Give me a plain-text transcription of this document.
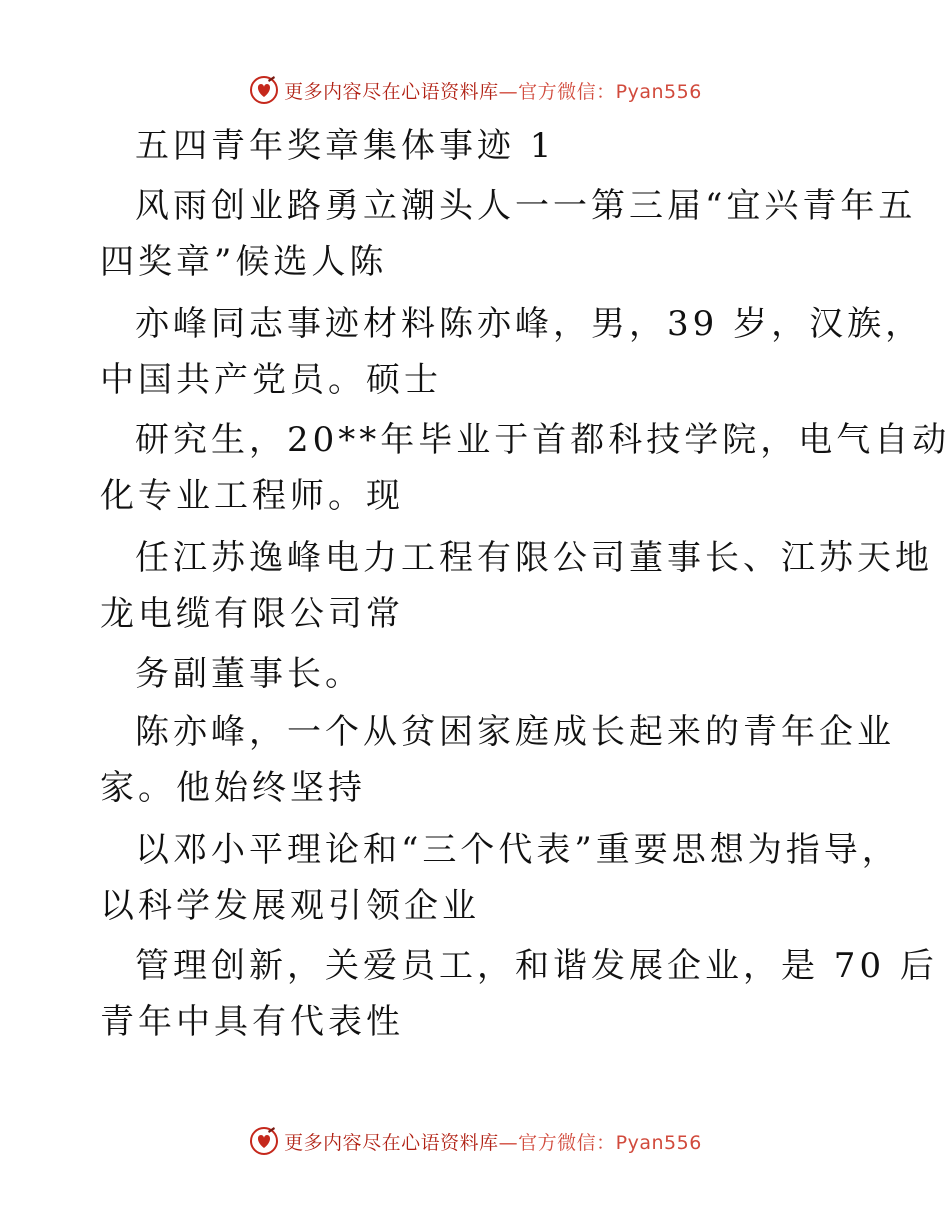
更多内容尽在心语资料库—官方微信：Pyan556
五四青年奖章集体事迹 1
风雨创业路勇立潮头人一一第三届“宜兴青年五
四奖章”候选人陈
亦峰同志事迹材料陈亦峰，男，39 岁，汉族，
中国共产党员。硕士
研究生，20**年毕业于首都科技学院，电气自动
化专业工程师。现
任江苏逸峰电力工程有限公司董事长、江苏天地
龙电缆有限公司常
务副董事长。
陈亦峰，一个从贫困家庭成长起来的青年企业
家。他始终坚持
以邓小平理论和“三个代表”重要思想为指导，
以科学发展观引领企业
管理创新，关爱员工，和谐发展企业，是 70 后
青年中具有代表性
更多内容尽在心语资料库—官方微信：Pyan556
